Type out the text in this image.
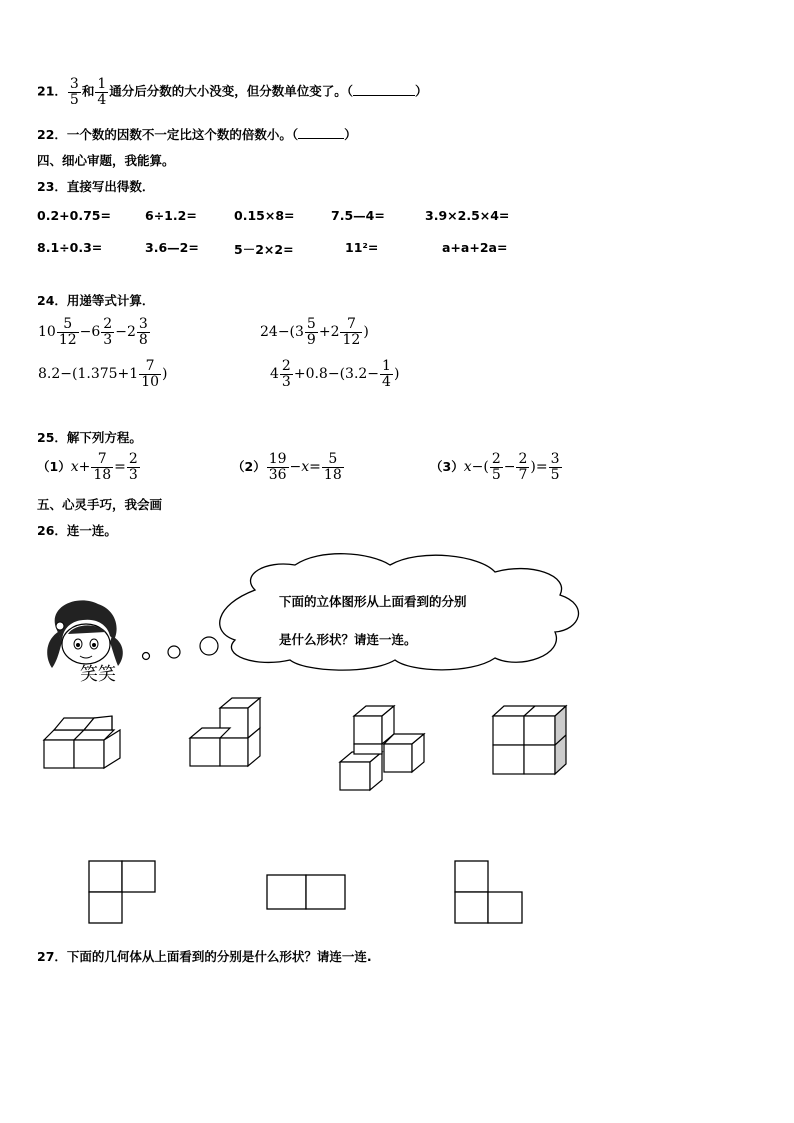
21． $\frac{3}{5}$ 和 $\frac{1}{4}$ 通分后分数的大小没变，但分数单位变了。（	）
22．一个数的因数不一定比这个数的倍数小。（	）
四、细心审题，我能算。
23．直接写出得数．
0.2+0.75=	6÷1.2=	0.15×8=	7.5—4=	3.9×2.5×4=
8.1÷0.3=	3.6—2=	5－2×2=	11²=	a+a+2a=
24．用递等式计算．
$10 \frac{5}{12} -6 \frac{2}{3} -2 \frac{3}{8}$	$24-(3 \frac{5}{9} +2 \frac{7}{12}$ )
$8.2-(1.375+1 \frac{7}{10}$ )	$4 \frac{2}{3} +0.8-(3.2- \frac{1}{4}$ )
25．解下列方程。
$(1)x+ \frac{7}{18} = \frac{2}{3}$	$(2) \frac{19}{36} -x= \frac{5}{18}$	$(3)x-( \frac{2}{5} - \frac{2}{7}$ )= $\frac{3}{5}$
五、心灵手巧，我会画
26．连一连。
下面的立体图形从上面看到的分别
是什么形状？请连一连。
笑笑
27．下面的几何体从上面看到的分别是什么形状？请连一连.
